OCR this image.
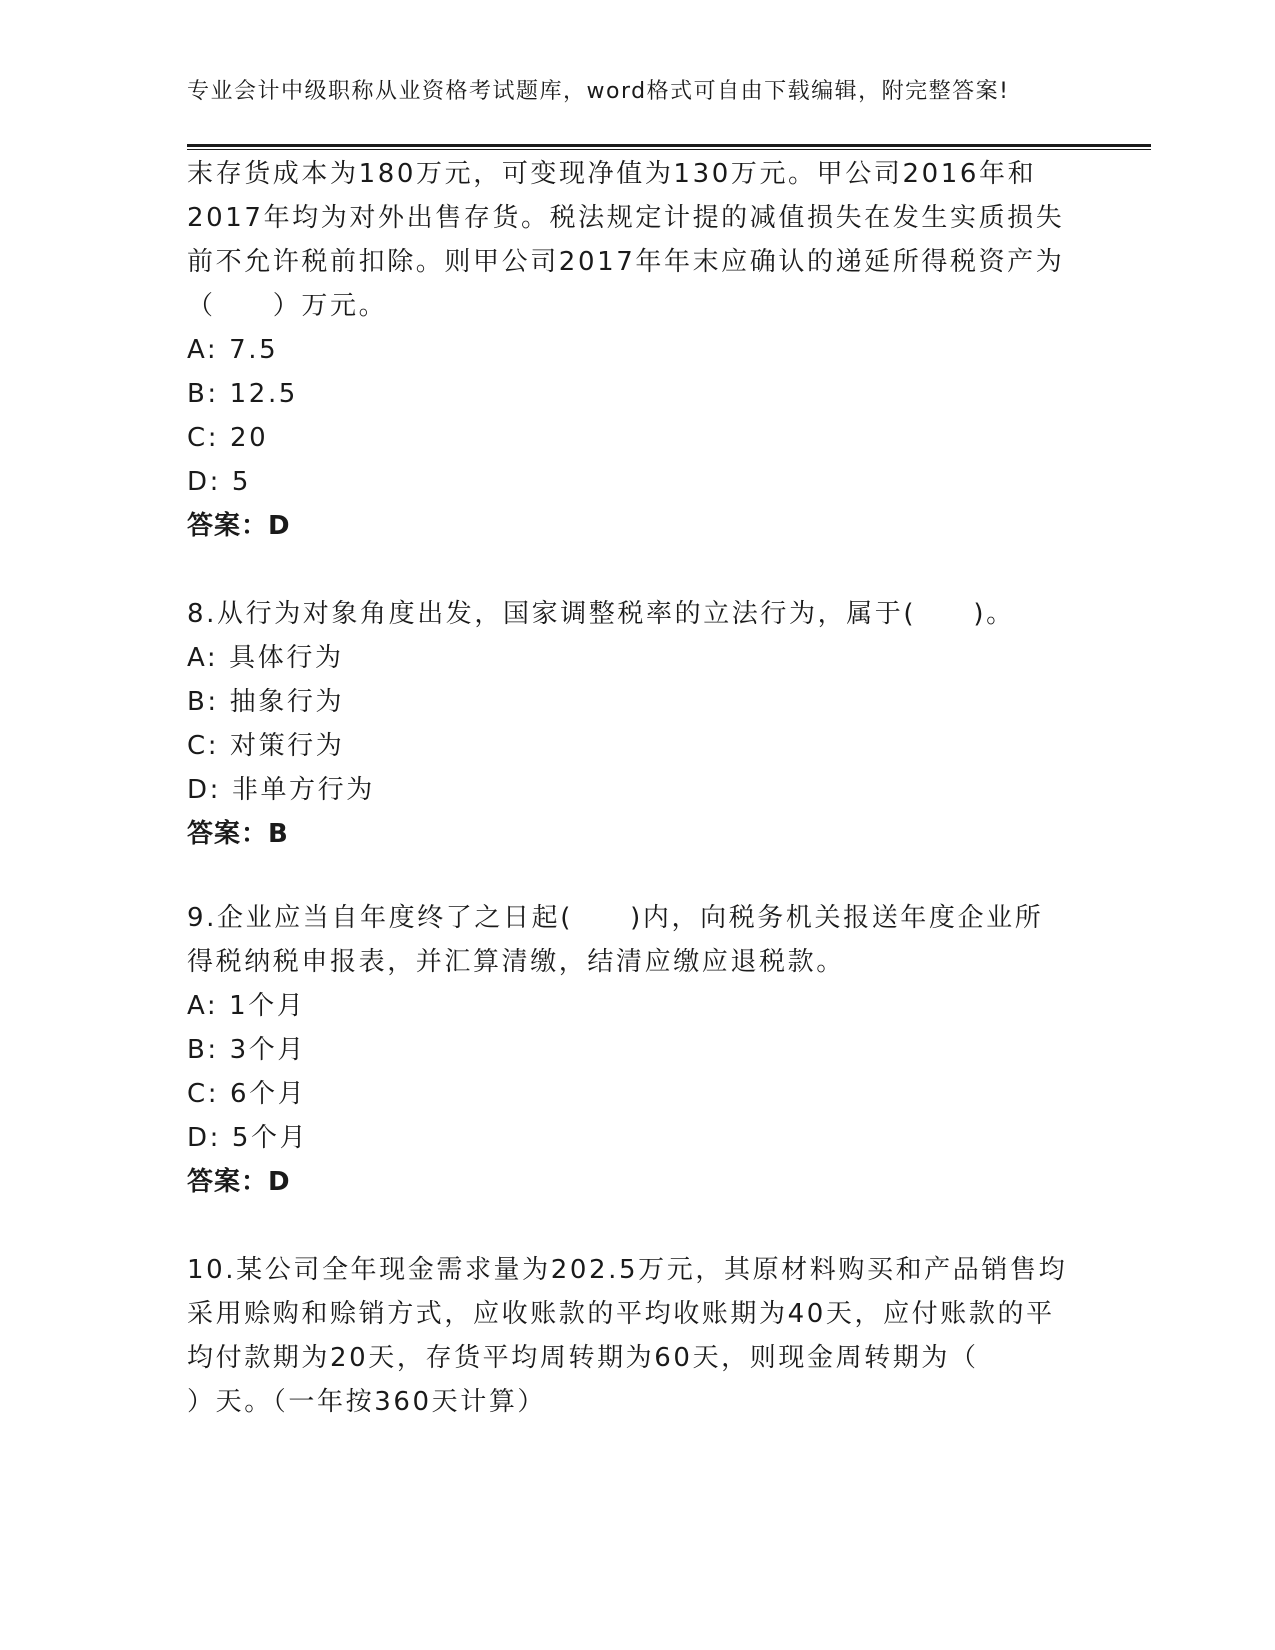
专业会计中级职称从业资格考试题库，word格式可自由下载编辑，附完整答案!
末存货成本为180万元，可变现净值为130万元。甲公司2016年和
2017年均为对外出售存货。税法规定计提的减值损失在发生实质损失
前不允许税前扣除。则甲公司2017年年末应确认的递延所得税资产为
（　　）万元。
A: 7.5
B: 12.5
C: 20
D: 5
答案：D
8.从行为对象角度出发，国家调整税率的立法行为，属于(　　)。
A: 具体行为
B: 抽象行为
C: 对策行为
D: 非单方行为
答案：B
9.企业应当自年度终了之日起(　　)内，向税务机关报送年度企业所
得税纳税申报表，并汇算清缴，结清应缴应退税款。
A: 1个月
B: 3个月
C: 6个月
D: 5个月
答案：D
10.某公司全年现金需求量为202.5万元，其原材料购买和产品销售均
采用赊购和赊销方式，应收账款的平均收账期为40天，应付账款的平
均付款期为20天，存货平均周转期为60天，则现金周转期为（
）天。（一年按360天计算）
